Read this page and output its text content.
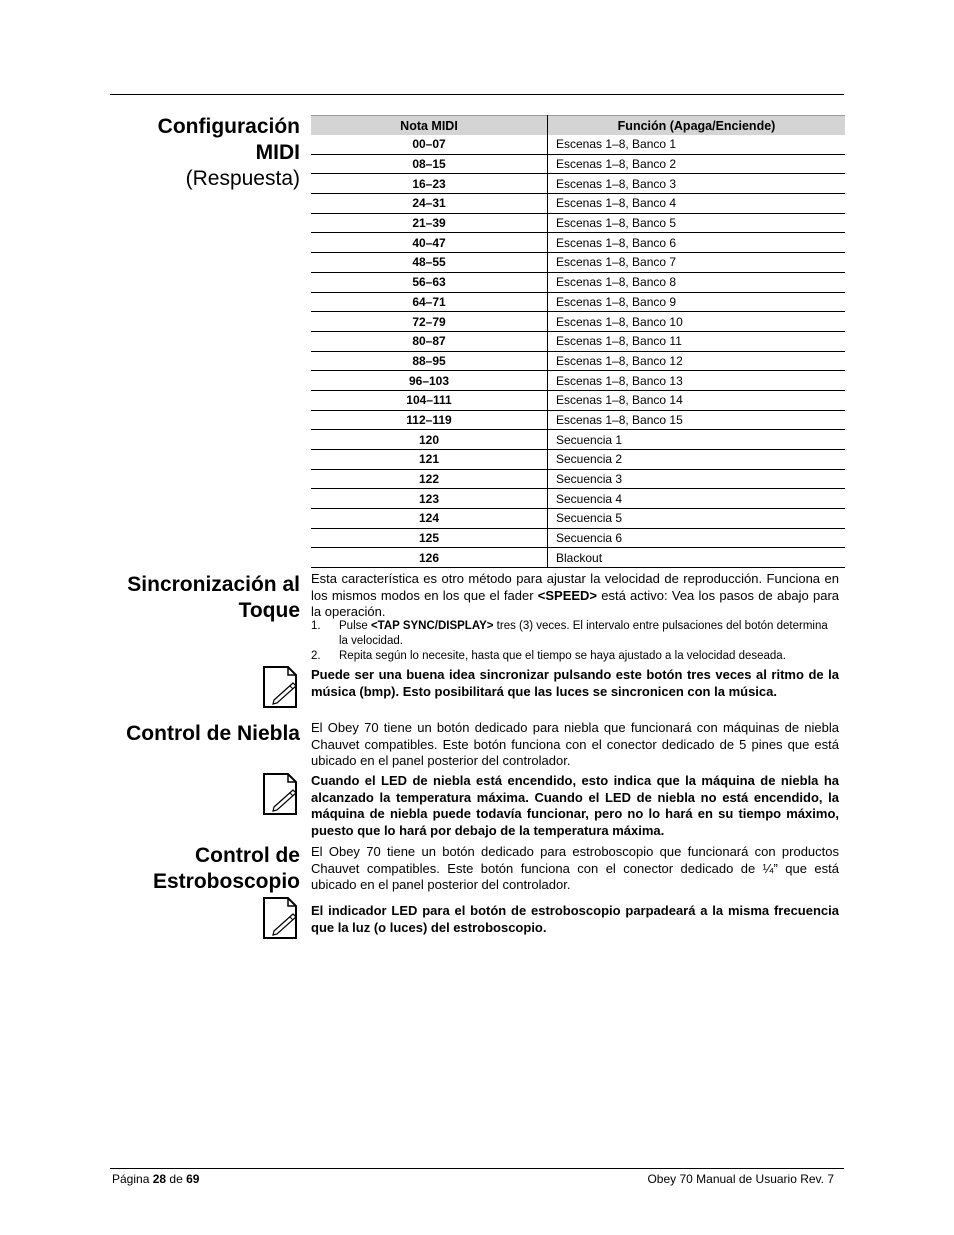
Configuración
MIDI
(Respuesta)
Nota MIDI	Función (Apaga/Enciende)
00–07	Escenas 1–8, Banco 1
08–15	Escenas 1–8, Banco 2
16–23	Escenas 1–8, Banco 3
24–31	Escenas 1–8, Banco 4
21–39	Escenas 1–8, Banco 5
40–47	Escenas 1–8, Banco 6
48–55	Escenas 1–8, Banco 7
56–63	Escenas 1–8, Banco 8
64–71	Escenas 1–8, Banco 9
72–79	Escenas 1–8, Banco 10
80–87	Escenas 1–8, Banco 11
88–95	Escenas 1–8, Banco 12
96–103	Escenas 1–8, Banco 13
104–111	Escenas 1–8, Banco 14
112–119	Escenas 1–8, Banco 15
120	Secuencia 1
121	Secuencia 2
122	Secuencia 3
123	Secuencia 4
124	Secuencia 5
125	Secuencia 6
126	Blackout
Sincronización al
Toque

Esta característica es otro método para ajustar la velocidad de reproducción. Funciona en los mismos modos en los que el fader <SPEED> está activo: Vea los pasos de abajo para la operación.

1. Pulse <TAP SYNC/DISPLAY> tres (3) veces. El intervalo entre pulsaciones del botón determina la velocidad.
2. Repita según lo necesite, hasta que el tiempo se haya ajustado a la velocidad deseada.

Puede ser una buena idea sincronizar pulsando este botón tres veces al ritmo de la música (bmp). Esto posibilitará que las luces se sincronicen con la música.

Control de Niebla El Obey 70 tiene un botón dedicado para niebla que funcionará con máquinas de niebla Chauvet compatibles. Este botón funciona con el conector dedicado de 5 pines que está ubicado en el panel posterior del controlador.

Cuando el LED de niebla está encendido, esto indica que la máquina de niebla ha alcanzado la temperatura máxima. Cuando el LED de niebla no está encendido, la máquina de niebla puede todavía funcionar, pero no lo hará en su tiempo máximo, puesto que lo hará por debajo de la temperatura máxima.

Control de
Estroboscopio

El Obey 70 tiene un botón dedicado para estroboscopio que funcionará con productos Chauvet compatibles. Este botón funciona con el conector dedicado de ¼” que está ubicado en el panel posterior del controlador.

El indicador LED para el botón de estroboscopio parpadeará a la misma frecuencia que la luz (o luces) del estroboscopio.

Página 28 de 69	Obey 70 Manual de Usuario Rev. 7
